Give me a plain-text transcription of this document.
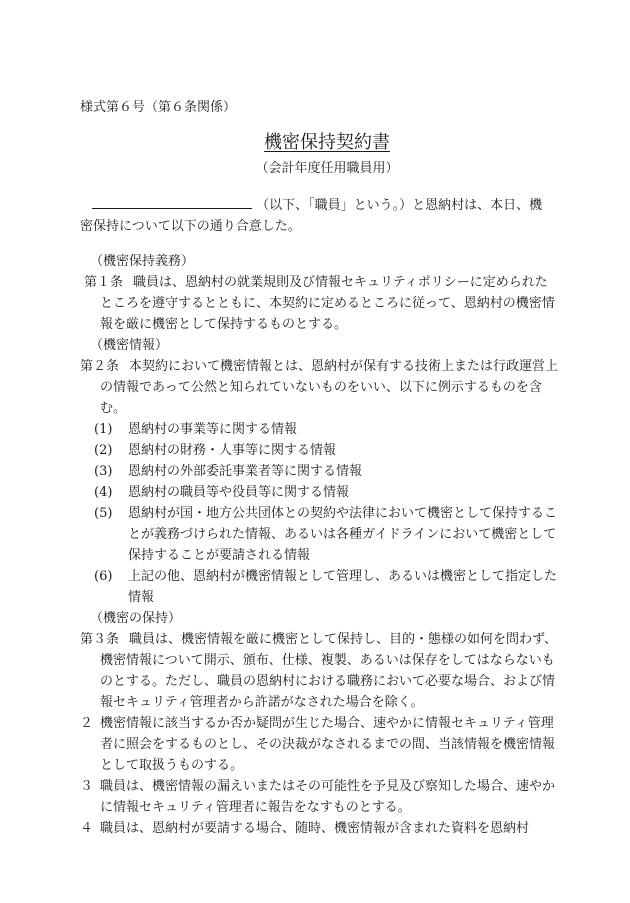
様式第６号（第６条関係）

機密保持契約書

（会計年度任用職員用）

（以下、「職員」という。）と恩納村は、本日、機
密保持について以下の通り合意した。

（機密保持義務）

第１条 職員は、恩納村の就業規則及び情報セキュリティポリシーに定められたところを遵守するとともに、本契約に定めるところに従って、恩納村の機密情報を厳に機密として保持するものとする。

（機密情報）

第２条 本契約において機密情報とは、恩納村が保有する技術上または行政運営上の情報であって公然と知られていないものをいい、以下に例示するものを含む。

(1) 恩納村の事業等に関する情報

(2) 恩納村の財務・人事等に関する情報

(3) 恩納村の外部委託事業者等に関する情報

(4) 恩納村の職員等や役員等に関する情報

(5) 恩納村が国・地方公共団体との契約や法律において機密として保持することが義務づけられた情報、あるいは各種ガイドラインにおいて機密として保持することが要請される情報

(6) 上記の他、恩納村が機密情報として管理し、あるいは機密として指定した情報

（機密の保持）

第３条 職員は、機密情報を厳に機密として保持し、目的・態様の如何を問わず、機密情報について開示、頒布、仕様、複製、あるいは保存をしてはならないものとする。ただし、職員の恩納村における職務において必要な場合、および情報セキュリティ管理者から許諾がなされた場合を除く。

２ 機密情報に該当するか否か疑問が生じた場合、速やかに情報セキュリティ管理者に照会をするものとし、その決裁がなされるまでの間、当該情報を機密情報として取扱うものする。

３ 職員は、機密情報の漏えいまたはその可能性を予見及び察知した場合、速やかに情報セキュリティ管理者に報告をなすものとする。

４ 職員は、恩納村が要請する場合、随時、機密情報が含まれた資料を恩納村
